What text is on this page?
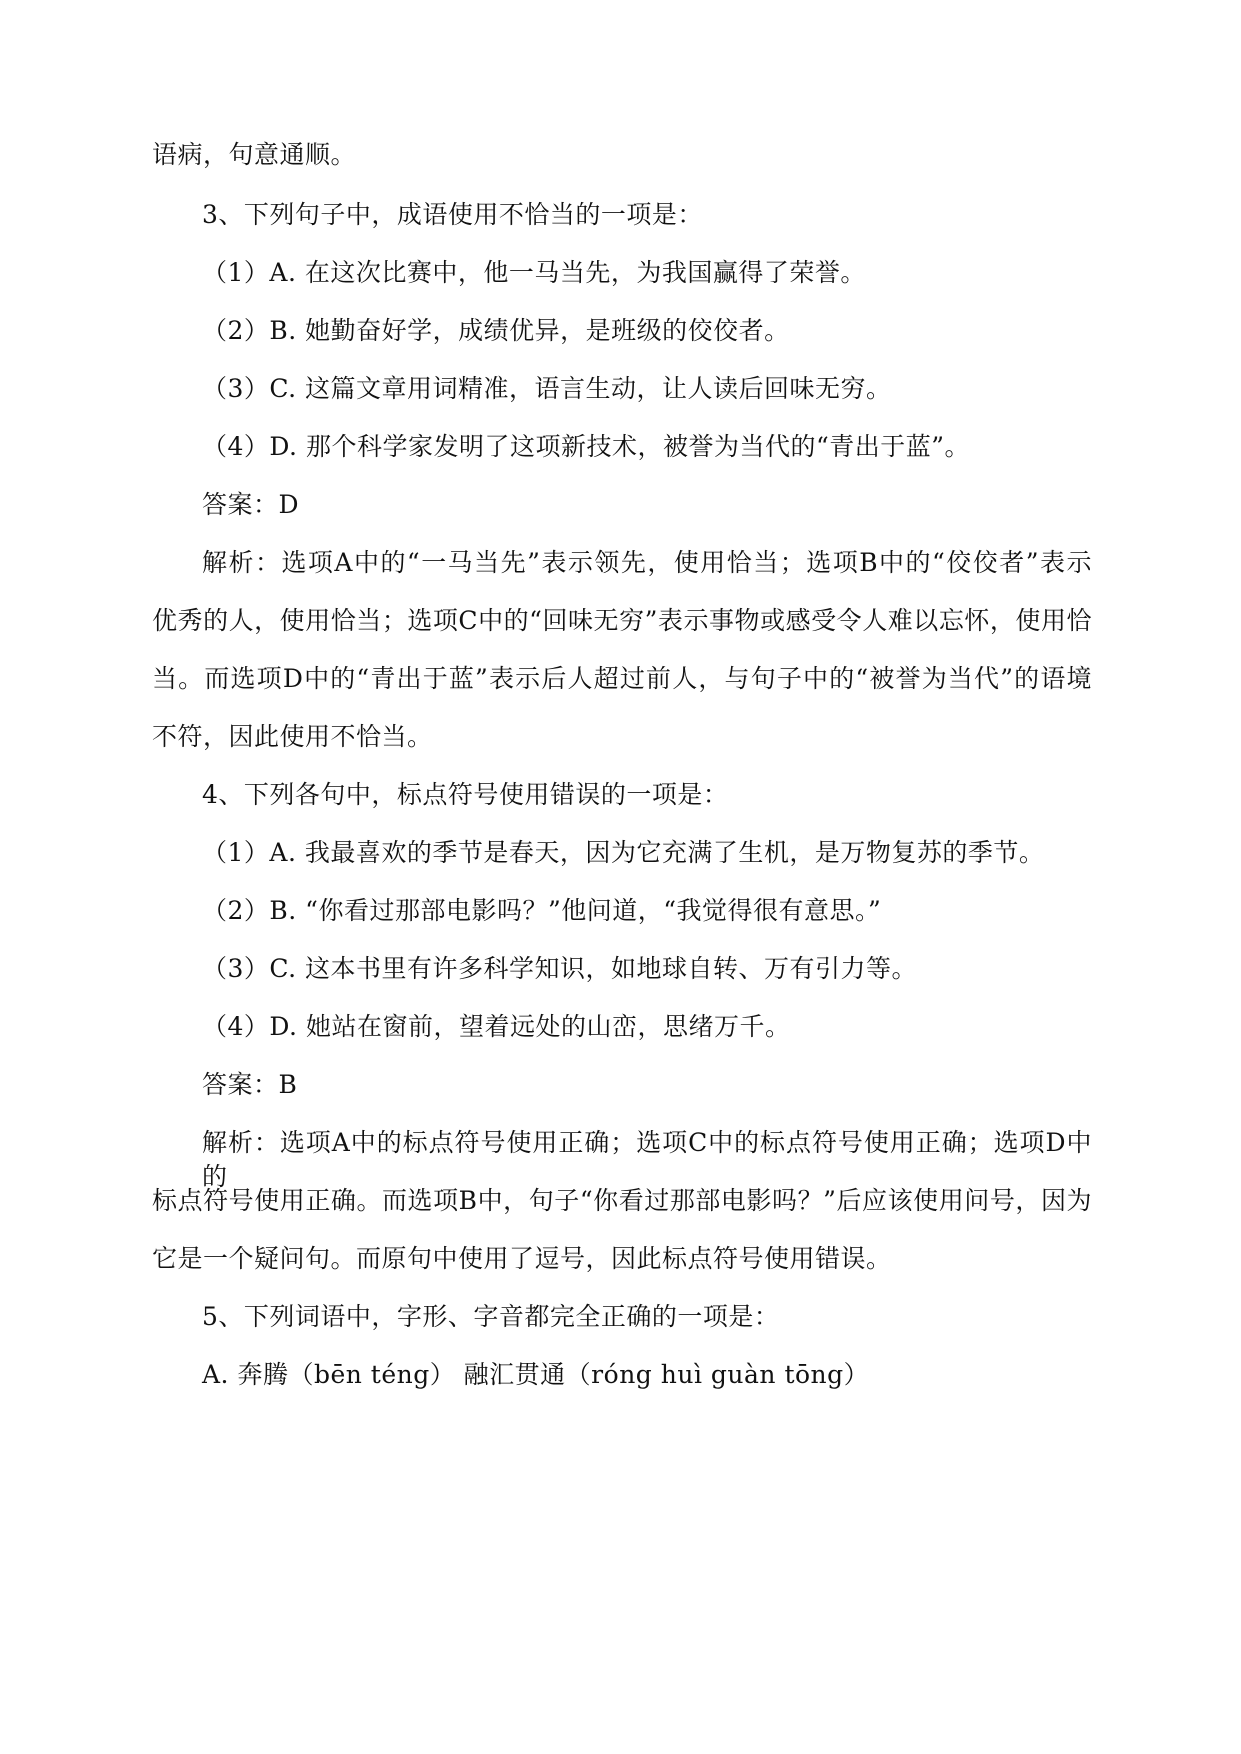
语病，句意通顺。
3、下列句子中，成语使用不恰当的一项是：
（1）A. 在这次比赛中，他一马当先，为我国赢得了荣誉。
（2）B. 她勤奋好学，成绩优异，是班级的佼佼者。
（3）C. 这篇文章用词精准，语言生动，让人读后回味无穷。
（4）D. 那个科学家发明了这项新技术，被誉为当代的“青出于蓝”。
答案：D
解析：选项A中的“一马当先”表示领先，使用恰当；选项B中的“佼佼者”表示
优秀的人，使用恰当；选项C中的“回味无穷”表示事物或感受令人难以忘怀，使用恰
当。而选项D中的“青出于蓝”表示后人超过前人，与句子中的“被誉为当代”的语境
不符，因此使用不恰当。
4、下列各句中，标点符号使用错误的一项是：
（1）A. 我最喜欢的季节是春天，因为它充满了生机，是万物复苏的季节。
（2）B. “你看过那部电影吗？”他问道，“我觉得很有意思。”
（3）C. 这本书里有许多科学知识，如地球自转、万有引力等。
（4）D. 她站在窗前，望着远处的山峦，思绪万千。
答案：B
解析：选项A中的标点符号使用正确；选项C中的标点符号使用正确；选项D中的
标点符号使用正确。而选项B中，句子“你看过那部电影吗？”后应该使用问号，因为
它是一个疑问句。而原句中使用了逗号，因此标点符号使用错误。
5、下列词语中，字形、字音都完全正确的一项是：
A. 奔腾（bēn téng） 融汇贯通（róng huì guàn tōng）
